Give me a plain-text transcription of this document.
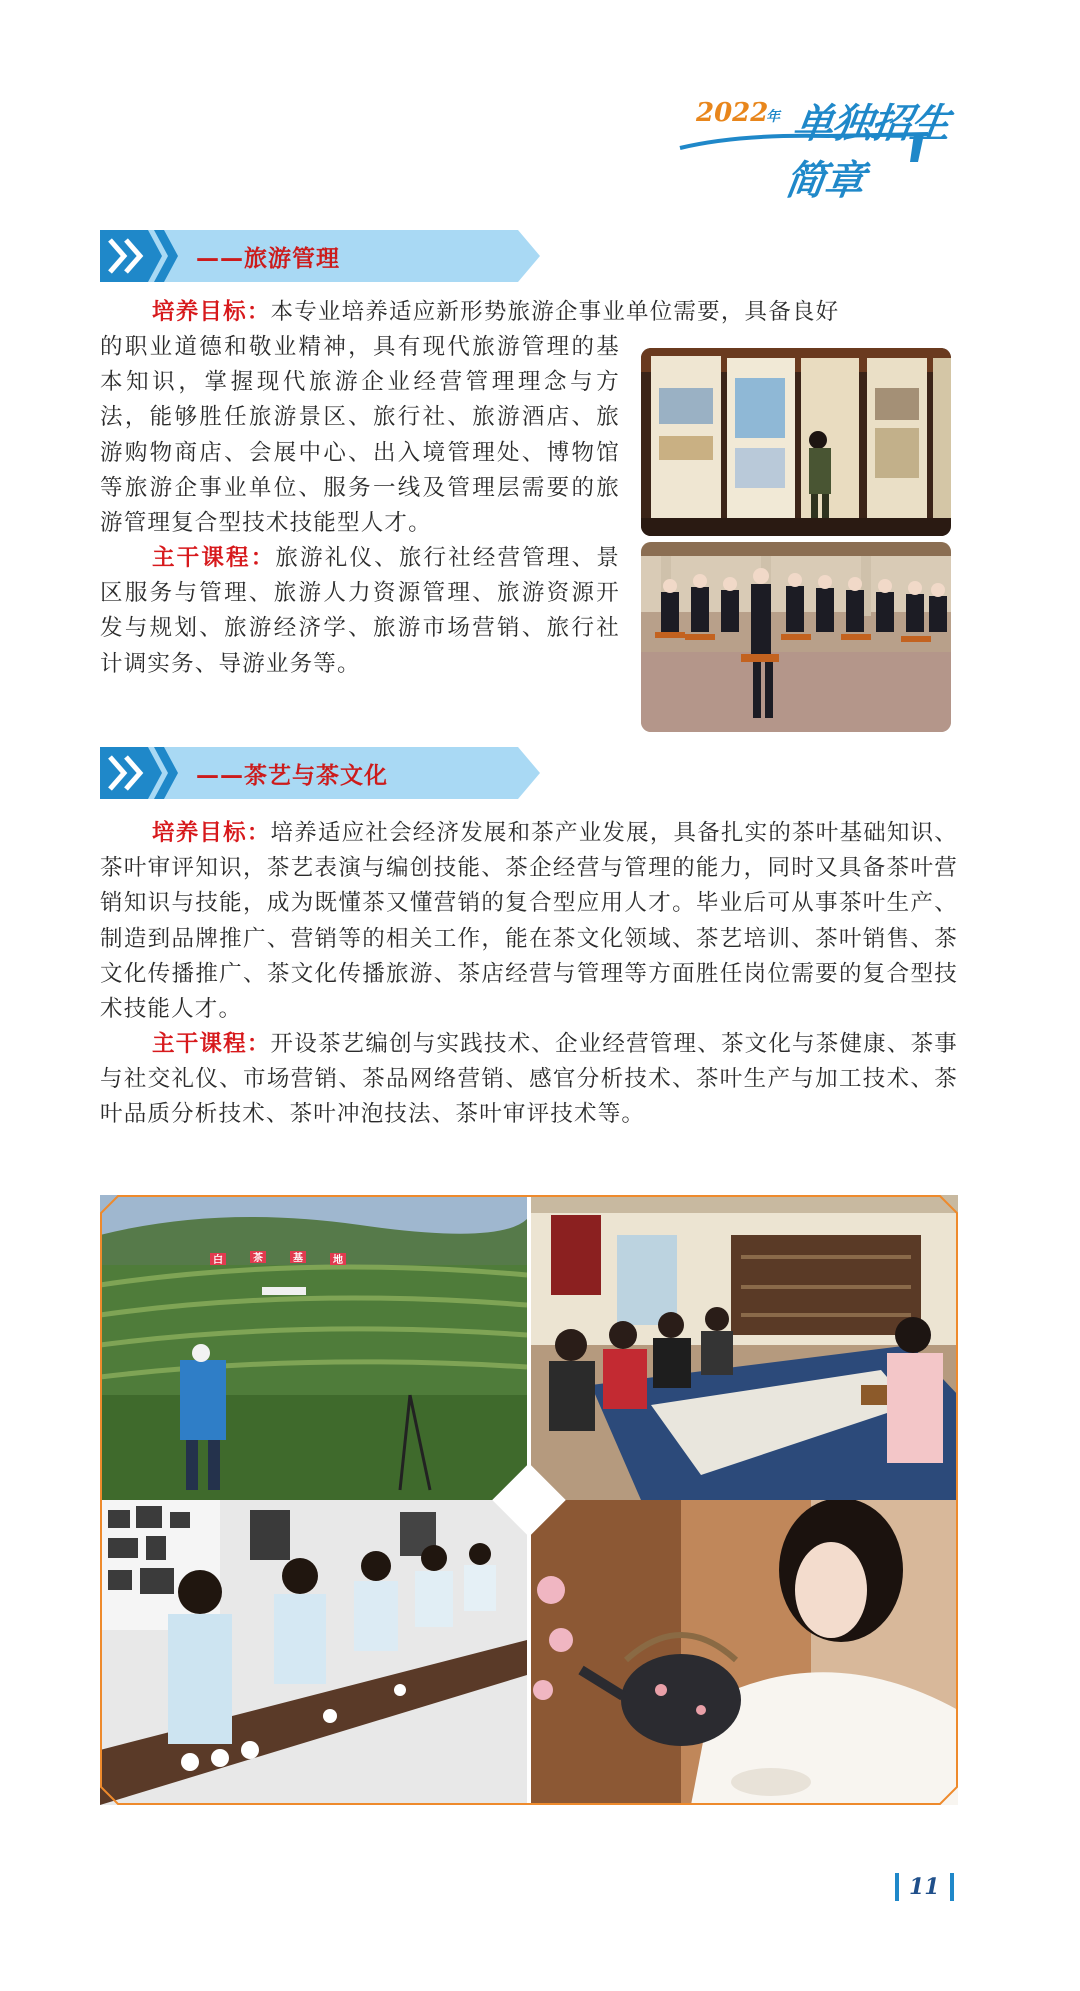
2022
年 单独招生简章
——旅游管理
培养目标：本专业培养适应新形势旅游企事业单位需要，具备良好
的职业道德和敬业精神，具有现代旅游管理的基本知识，掌握现代旅游企业经营管理理念与方法，能够胜任旅游景区、旅行社、旅游酒店、旅游购物商店、会展中心、出入境管理处、博物馆等旅游企事业单位、服务一线及管理层需要的旅游管理复合型技术技能型人才。
主干课程：旅游礼仪、旅行社经营管理、景区服务与管理、旅游人力资源管理、旅游资源开发与规划、旅游经济学、旅游市场营销、旅行社计调实务、导游业务等。
——茶艺与茶文化
培养目标：培养适应社会经济发展和茶产业发展，具备扎实的茶叶基础知识、茶叶审评知识，茶艺表演与编创技能、茶企经营与管理的能力，同时又具备茶叶营销知识与技能，成为既懂茶又懂营销的复合型应用人才。毕业后可从事茶叶生产、制造到品牌推广、营销等的相关工作，能在茶文化领域、茶艺培训、茶叶销售、茶文化传播推广、茶文化传播旅游、茶店经营与管理等方面胜任岗位需要的复合型技术技能人才。
主干课程：开设茶艺编创与实践技术、企业经营管理、茶文化与茶健康、茶事与社交礼仪、市场营销、茶品网络营销、感官分析技术、茶叶生产与加工技术、茶叶品质分析技术、茶叶冲泡技法、茶叶审评技术等。
白	茶	基	地
11
